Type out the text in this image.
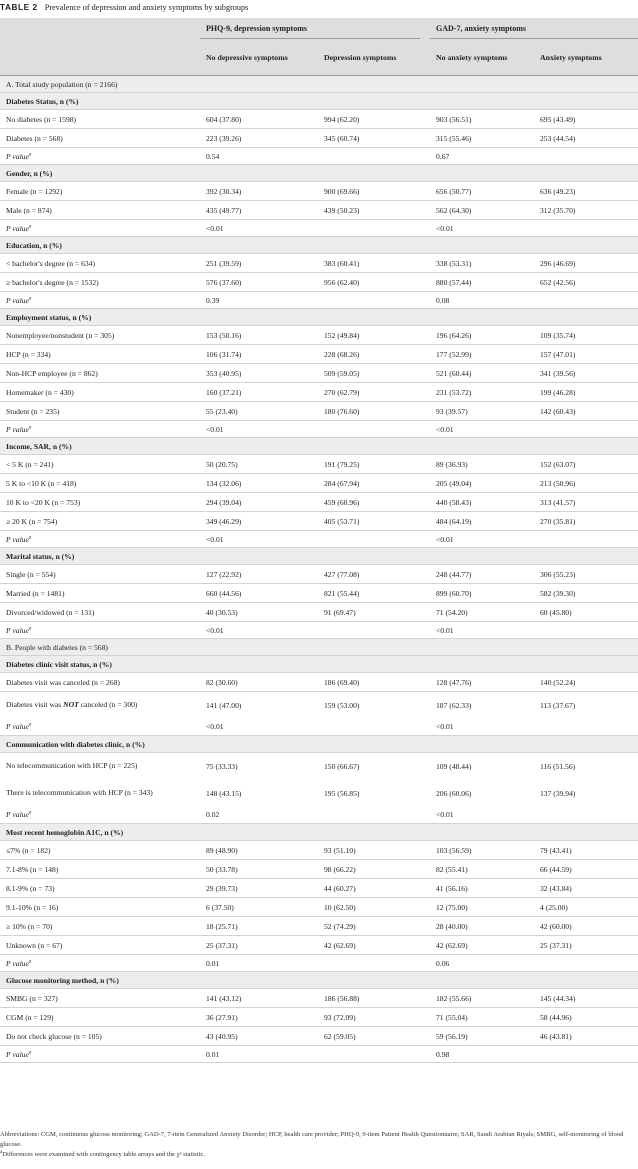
TABLE 2 Prevalence of depression and anxiety symptoms by subgroups
	PHQ-9, depression symptoms			GAD-7, anxiety symptoms	
	No depressive symptoms	Depression symptoms		No anxiety symptoms	Anxiety symptoms
A. Total study population (n = 2166)					
Diabetes Status, n (%)					
No diabetes (n = 1598)	604 (37.80)	994 (62.20)		903 (56.51)	695 (43.49)
Diabetes (n = 568)	223 (39.26)	345 (60.74)		315 (55.46)	253 (44.54)
P value$^a$	0.54			0.67	
Gender, n (%)					
Female (n = 1292)	392 (30.34)	900 (69.66)		656 (50.77)	636 (49.23)
Male (n = 874)	435 (49.77)	439 (50.23)		562 (64.30)	312 (35.70)
P value$^a$	<0.01			<0.01	
Education, n (%)					
< bachelor's degree (n = 634)	251 (39.59)	383 (60.41)		338 (53.31)	296 (46.69)
≥ bachelor's degree (n = 1532)	576 (37.60)	956 (62.40)		880 (57.44)	652 (42.56)
P value$^a$	0.39			0.08	
Employment status, n (%)					
Nonemployee/nonstudent (n = 305)	153 (50.16)	152 (49.84)		196 (64.26)	109 (35.74)
HCP (n = 334)	106 (31.74)	228 (68.26)		177 (52.99)	157 (47.01)
Non-HCP employee (n = 862)	353 (40.95)	509 (59.05)		521 (60.44)	341 (39.56)
Homemaker (n = 430)	160 (37.21)	270 (62.79)		231 (53.72)	199 (46.28)
Student (n = 235)	55 (23.40)	180 (76.60)		93 (39.57)	142 (60.43)
P value$^a$	<0.01			<0.01	
Income, SAR, n (%)					
< 5 K (n = 241)	50 (20.75)	191 (79.25)		89 (36.93)	152 (63.07)
5 K to <10 K (n = 418)	134 (32.06)	284 (67.94)		205 (49.04)	213 (50.96)
10 K to <20 K (n = 753)	294 (39.04)	459 (60.96)		440 (58.43)	313 (41.57)
≥ 20 K (n = 754)	349 (46.29)	405 (53.71)		484 (64.19)	270 (35.81)
P value$^a$	<0.01			<0.01	
Marital status, n (%)					
Single (n = 554)	127 (22.92)	427 (77.08)		248 (44.77)	306 (55.23)
Married (n = 1481)	660 (44.56)	821 (55.44)		899 (60.70)	582 (39.30)
Divorced/widowed (n = 131)	40 (30.53)	91 (69.47)		71 (54.20)	60 (45.80)
P value$^a$	<0.01			<0.01	
B. People with diabetes (n = 568)					
Diabetes clinic visit status, n (%)					
Diabetes visit was canceled (n = 268)	82 (30.60)	186 (69.40)		128 (47.76)	140 (52.24)
Diabetes visit was NOT canceled (n = 300)	141 (47.00)	159 (53.00)		187 (62.33)	113 (37.67)
P value$^a$	<0.01			<0.01	
Communication with diabetes clinic, n (%)					
No telecommunication with HCP (n = 225)	75 (33.33)	150 (66.67)		109 (48.44)	116 (51.56)
There is telecommunication with HCP (n = 343)	148 (43.15)	195 (56.85)		206 (60.06)	137 (39.94)
P value$^a$	0.02			<0.01	
Most recent hemoglobin A1C, n (%)					
≤7% (n = 182)	89 (48.90)	93 (51.10)		103 (56.59)	79 (43.41)
7.1-8% (n = 148)	50 (33.78)	98 (66.22)		82 (55.41)	66 (44.59)
8.1-9% (n = 73)	29 (39.73)	44 (60.27)		41 (56.16)	32 (43.84)
9.1-10% (n = 16)	6 (37.50)	10 (62.50)		12 (75.00)	4 (25.00)
≥ 10% (n = 70)	18 (25.71)	52 (74.29)		28 (40.00)	42 (60.00)
Unknown (n = 67)	25 (37.31)	42 (62.69)		42 (62.69)	25 (37.31)
P value$^a$	0.01			0.06	
Glucose monitoring method, n (%)					
SMBG (n = 327)	141 (43.12)	186 (56.88)		182 (55.66)	145 (44.34)
CGM (n = 129)	36 (27.91)	93 (72.09)		71 (55.04)	58 (44.96)
Do not check glucose (n = 105)	43 (40.95)	62 (59.05)		59 (56.19)	46 (43.81)
P value$^a$	0.01			0.98	
Abbreviations: CGM, continuous glucose monitoring; GAD-7, 7-item Generalized Anxiety Disorder; HCP, health care provider; PHQ-9, 9-item Patient Health Questionnaire; SAR, Saudi Arabian Riyals; SMBG, self-monitoring of blood glucose.
$^a$Differences were examined with contingency table arrays and the χ² statistic.
